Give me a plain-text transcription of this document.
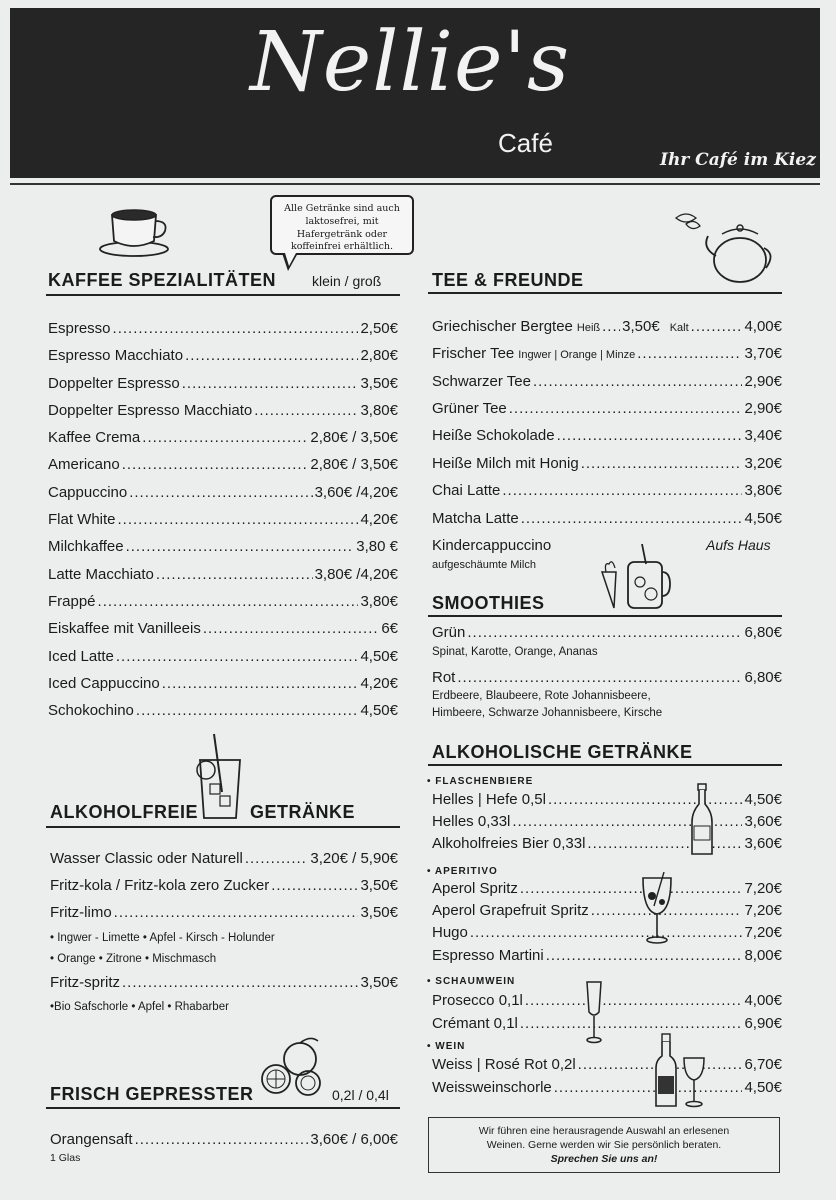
Nellie's
Café
Ihr Café im Kiez
Alle Getränke sind auch laktosefrei, mit Hafergetränk oder koffeinfrei erhältlich.
KAFFEE SPEZIALITÄTEN	klein / groß
Espresso .....	2,50€
Espresso Macchiato .....	2,80€
Doppelter Espresso .....	3,50€
Doppelter Espresso Macchiato .....	3,80€
Kaffee Crema .....	2,80€ / 3,50€
Americano .....	2,80€ / 3,50€
Cappuccino .....	3,60€ /4,20€
Flat White .....	4,20€
Milchkaffee .....	3,80 €
Latte Macchiato .....	3,80€ /4,20€
Frappé .....	3,80€
Eiskaffee mit Vanilleeis .....	6€
Iced Latte .....	4,50€
Iced Cappuccino .....	4,20€
Schokochino .....	4,50€
ALKOHOLFREIE	GETRÄNKE
Wasser Classic oder Naturell .....	3,20€ / 5,90€
Fritz-kola / Fritz-kola zero Zucker .....	3,50€
Fritz-limo .....	3,50€
• Ingwer - Limette • Apfel - Kirsch - Holunder
• Orange • Zitrone • Mischmasch
Fritz-spritz .....	3,50€
•Bio Safschorle • Apfel • Rhabarber
FRISCH GEPRESSTER	0,2l / 0,4l
Orangensaft .....	3,60€ / 6,00€
1 Glas
TEE & FREUNDE
Griechischer Bergtee Heiß ..... 3,50€ Kalt .....	4,00€
Frischer Tee Ingwer | Orange | Minze .....	3,70€
Schwarzer Tee .....	2,90€
Grüner Tee .....	2,90€
Heiße Schokolade .....	3,40€
Heiße Milch mit Honig .....	3,20€
Chai Latte .....	3,80€
Matcha Latte .....	4,50€
Kindercappuccino	Aufs Haus
aufgeschäumte Milch
SMOOTHIES
Grün .....	6,80€
Spinat, Karotte, Orange, Ananas
Rot .....	6,80€
Erdbeere, Blaubeere, Rote Johannisbeere,
Himbeere, Schwarze Johannisbeere, Kirsche
ALKOHOLISCHE GETRÄNKE
• FLASCHENBIERE
Helles | Hefe 0,5l .....	4,50€
Helles 0,33l .....	3,60€
Alkoholfreies Bier 0,33l .....	3,60€
• APERITIVO
Aperol Spritz .....	7,20€
Aperol Grapefruit Spritz .....	7,20€
Hugo .....	7,20€
Espresso Martini .....	8,00€
• SCHAUMWEIN
Prosecco 0,1l .....	4,00€
Crémant 0,1l .....	6,90€
• WEIN
Weiss | Rosé Rot 0,2l .....	6,70€
Weissweinschorle .....	4,50€
Wir führen eine herausragende Auswahl an erlesenen
Weinen. Gerne werden wir Sie persönlich beraten.
Sprechen Sie uns an!
